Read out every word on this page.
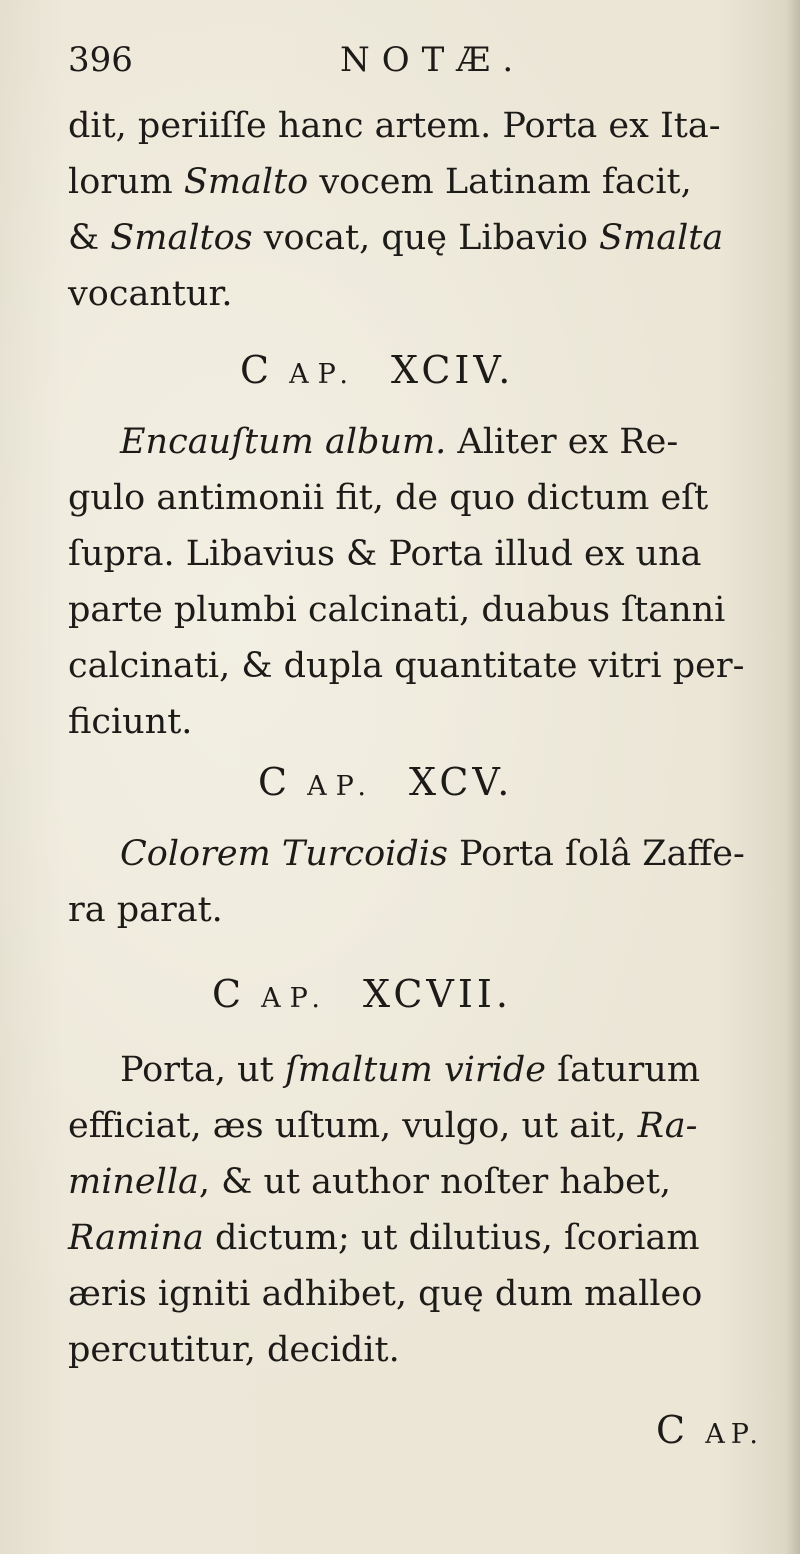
396	NOTÆ.
dit, periiſſe hanc artem. Porta ex Ita-
lorum Smalto vocem Latinam facit,
& Smaltos vocat, quę Libavio Smalta
vocantur.
C AP. XCIV.
Encauſtum album. Aliter ex Re-
gulo antimonii fit, de quo dictum eſt
ſupra. Libavius & Porta illud ex una
parte plumbi calcinati, duabus ſtanni
calcinati, & dupla quantitate vitri per-
ficiunt.
C AP. XCV.
Colorem Turcoidis Porta ſolâ Zaffe-
ra parat.
C AP. XCVII.
Porta, ut ſmaltum viride ſaturum
efficiat, æs uſtum, vulgo, ut ait, Ra-
minella, & ut author noſter habet,
Ramina dictum; ut dilutius, ſcoriam
æris igniti adhibet, quę dum malleo
percutitur, decidit.
C AP.
